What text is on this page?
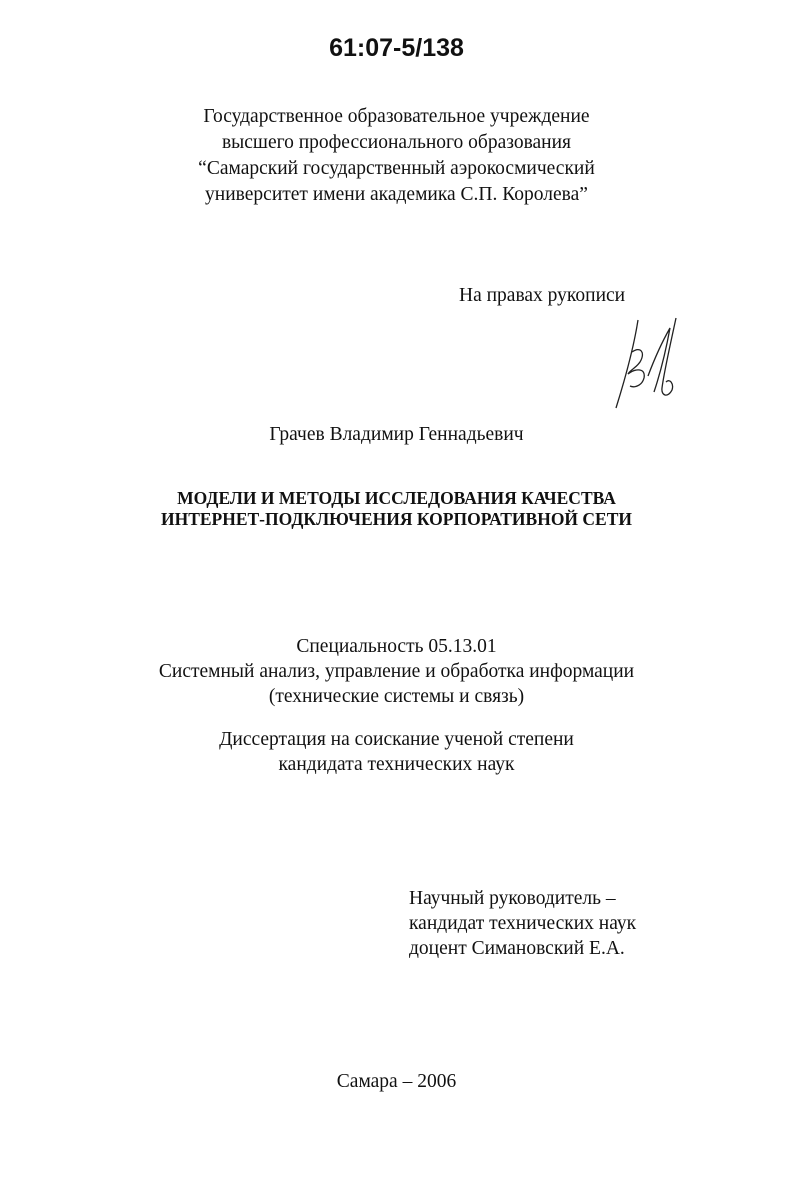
61:07-5/138
Государственное образовательное учреждение
высшего профессионального образования
“Самарский государственный аэрокосмический
университет имени академика С.П. Королева”
На правах рукописи
Грачев Владимир Геннадьевич
МОДЕЛИ И МЕТОДЫ ИССЛЕДОВАНИЯ КАЧЕСТВА
ИНТЕРНЕТ-ПОДКЛЮЧЕНИЯ КОРПОРАТИВНОЙ СЕТИ
Специальность 05.13.01
Системный анализ, управление и обработка информации
(технические системы и связь)
Диссертация на соискание ученой степени
кандидата технических наук
Научный руководитель –
кандидат технических наук
доцент Симановский Е.А.
Самара – 2006
